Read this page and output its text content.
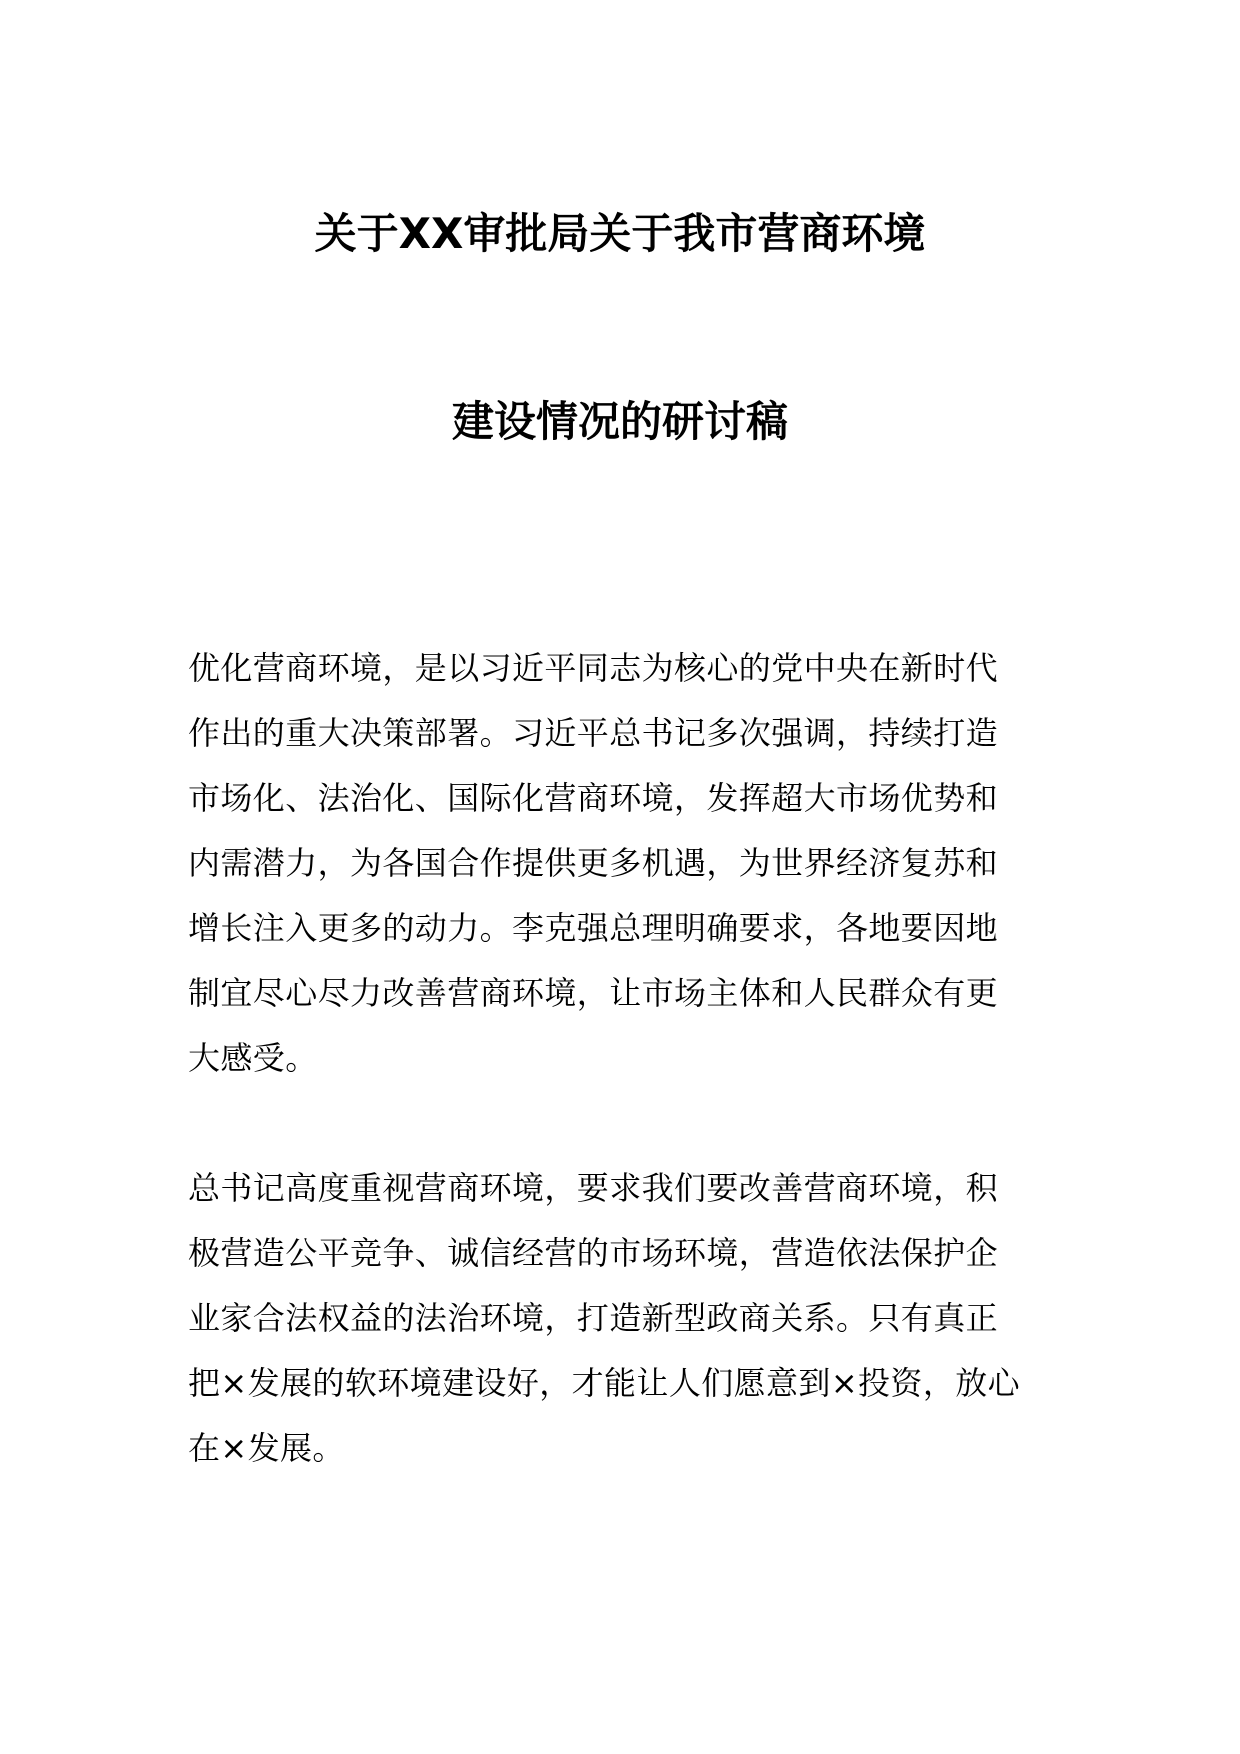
关于XX审批局关于我市营商环境
建设情况的研讨稿
优化营商环境，是以习近平同志为核心的党中央在新时代
作出的重大决策部署。习近平总书记多次强调，持续打造
市场化、法治化、国际化营商环境，发挥超大市场优势和
内需潜力，为各国合作提供更多机遇，为世界经济复苏和
增长注入更多的动力。李克强总理明确要求，各地要因地
制宜尽心尽力改善营商环境，让市场主体和人民群众有更
大感受。
总书记高度重视营商环境，要求我们要改善营商环境，积
极营造公平竞争、诚信经营的市场环境，营造依法保护企
业家合法权益的法治环境，打造新型政商关系。只有真正
把×发展的软环境建设好，才能让人们愿意到×投资，放心
在×发展。
